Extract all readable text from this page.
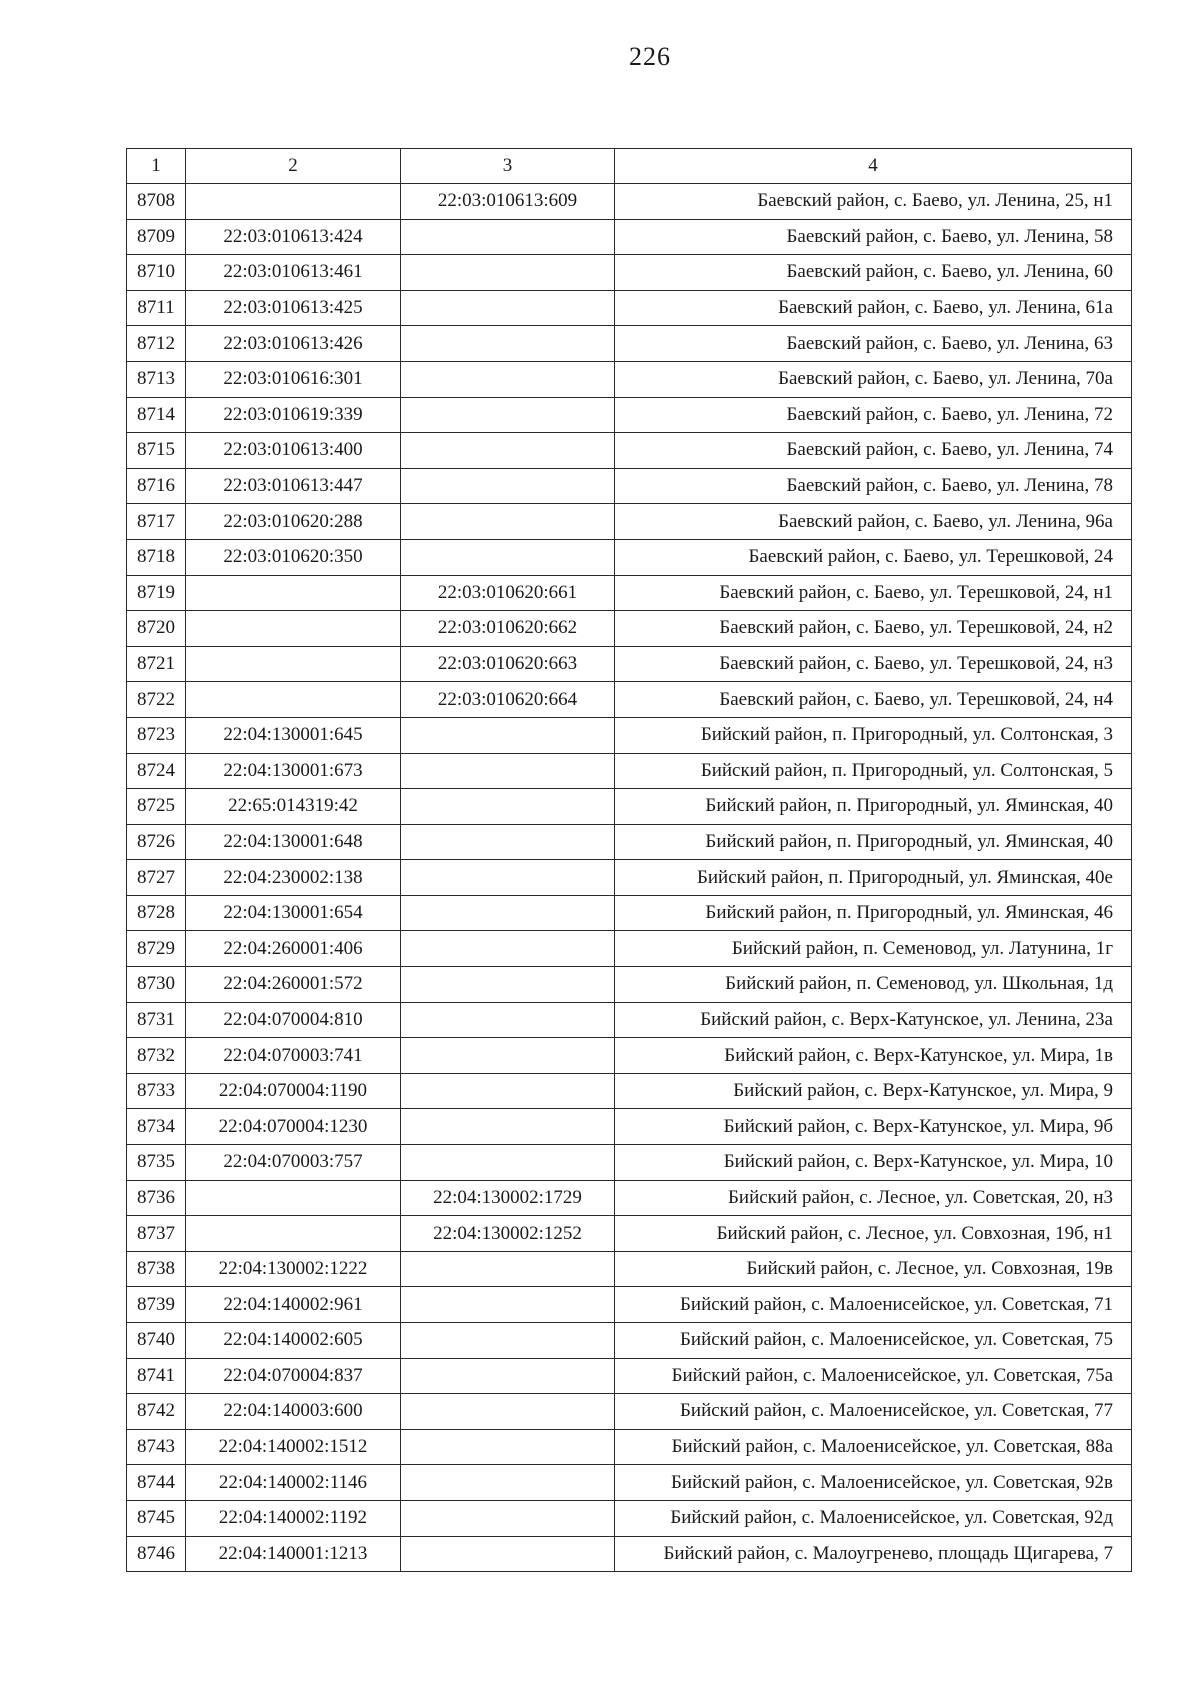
226
1	2	3	4
8708		22:03:010613:609	Баевский район, с. Баево, ул. Ленина, 25, н1
8709	22:03:010613:424		Баевский район, с. Баево, ул. Ленина, 58
8710	22:03:010613:461		Баевский район, с. Баево, ул. Ленина, 60
8711	22:03:010613:425		Баевский район, с. Баево, ул. Ленина, 61а
8712	22:03:010613:426		Баевский район, с. Баево, ул. Ленина, 63
8713	22:03:010616:301		Баевский район, с. Баево, ул. Ленина, 70а
8714	22:03:010619:339		Баевский район, с. Баево, ул. Ленина, 72
8715	22:03:010613:400		Баевский район, с. Баево, ул. Ленина, 74
8716	22:03:010613:447		Баевский район, с. Баево, ул. Ленина, 78
8717	22:03:010620:288		Баевский район, с. Баево, ул. Ленина, 96а
8718	22:03:010620:350		Баевский район, с. Баево, ул. Терешковой, 24
8719		22:03:010620:661	Баевский район, с. Баево, ул. Терешковой, 24, н1
8720		22:03:010620:662	Баевский район, с. Баево, ул. Терешковой, 24, н2
8721		22:03:010620:663	Баевский район, с. Баево, ул. Терешковой, 24, н3
8722		22:03:010620:664	Баевский район, с. Баево, ул. Терешковой, 24, н4
8723	22:04:130001:645		Бийский район, п. Пригородный, ул. Солтонская, 3
8724	22:04:130001:673		Бийский район, п. Пригородный, ул. Солтонская, 5
8725	22:65:014319:42		Бийский район, п. Пригородный, ул. Яминская, 40
8726	22:04:130001:648		Бийский район, п. Пригородный, ул. Яминская, 40
8727	22:04:230002:138		Бийский район, п. Пригородный, ул. Яминская, 40е
8728	22:04:130001:654		Бийский район, п. Пригородный, ул. Яминская, 46
8729	22:04:260001:406		Бийский район, п. Семеновод, ул. Латунина, 1г
8730	22:04:260001:572		Бийский район, п. Семеновод, ул. Школьная, 1д
8731	22:04:070004:810		Бийский район, с. Верх-Катунское, ул. Ленина, 23а
8732	22:04:070003:741		Бийский район, с. Верх-Катунское, ул. Мира, 1в
8733	22:04:070004:1190		Бийский район, с. Верх-Катунское, ул. Мира, 9
8734	22:04:070004:1230		Бийский район, с. Верх-Катунское, ул. Мира, 9б
8735	22:04:070003:757		Бийский район, с. Верх-Катунское, ул. Мира, 10
8736		22:04:130002:1729	Бийский район, с. Лесное, ул. Советская, 20, н3
8737		22:04:130002:1252	Бийский район, с. Лесное, ул. Совхозная, 19б, н1
8738	22:04:130002:1222		Бийский район, с. Лесное, ул. Совхозная, 19в
8739	22:04:140002:961		Бийский район, с. Малоенисейское, ул. Советская, 71
8740	22:04:140002:605		Бийский район, с. Малоенисейское, ул. Советская, 75
8741	22:04:070004:837		Бийский район, с. Малоенисейское, ул. Советская, 75а
8742	22:04:140003:600		Бийский район, с. Малоенисейское, ул. Советская, 77
8743	22:04:140002:1512		Бийский район, с. Малоенисейское, ул. Советская, 88а
8744	22:04:140002:1146		Бийский район, с. Малоенисейское, ул. Советская, 92в
8745	22:04:140002:1192		Бийский район, с. Малоенисейское, ул. Советская, 92д
8746	22:04:140001:1213		Бийский район, с. Малоугренево, площадь Щигарева, 7
